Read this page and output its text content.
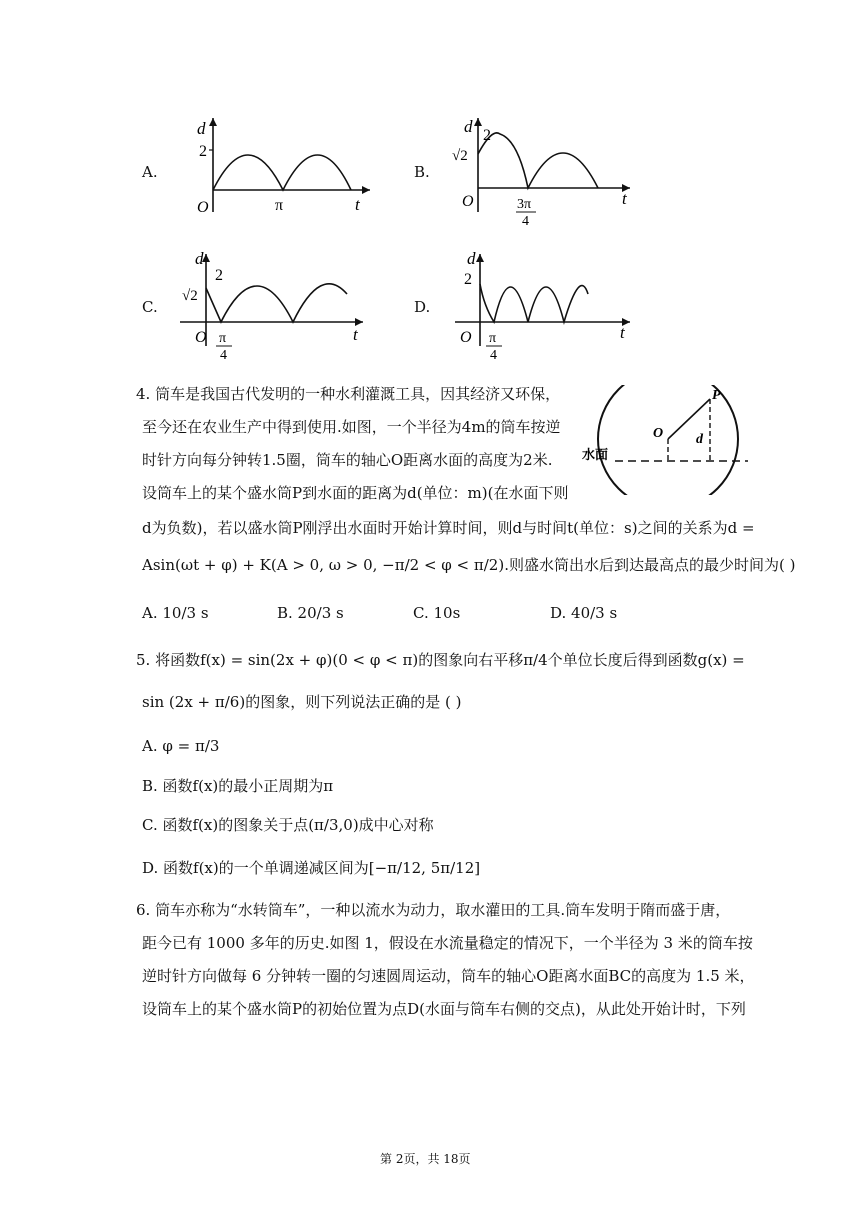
A.
d
2
O	π	t
B.
d 2
√2
O	3π
4
t
C.
d
2
√2
O π
4
t
D.
d
2
O π
4
t
4. 筒车是我国古代发明的一种水利灌溉工具，因其经济又环保，
至今还在农业生产中得到使用.如图，一个半径为4m的筒车按逆
时针方向每分钟转1.5圈，筒车的轴心O距离水面的高度为2米.
设筒车上的某个盛水筒P到水面的距离为d(单位：m)(在水面下则
d为负数)，若以盛水筒P刚浮出水面时开始计算时间，则d与时间t(单位：s)之间的关系为d =
Asin(ωt + φ) + K(A > 0, ω > 0, −π/2 < φ < π/2).则盛水筒出水后到达最高点的最少时间为( )
O
P
d
水面
A. 10/3 s	B. 20/3 s	C. 10s	D. 40/3 s
5. 将函数f(x) = sin(2x + φ)(0 < φ < π)的图象向右平移π/4个单位长度后得到函数g(x) =
sin (2x + π/6)的图象，则下列说法正确的是 ( )
A. φ = π/3
B. 函数f(x)的最小正周期为π
C. 函数f(x)的图象关于点(π/3,0)成中心对称
D. 函数f(x)的一个单调递减区间为[−π/12, 5π/12]
6. 筒车亦称为“水转筒车”，一种以流水为动力，取水灌田的工具.筒车发明于隋而盛于唐，
距今已有 1000 多年的历史.如图 1，假设在水流量稳定的情况下，一个半径为 3 米的筒车按
逆时针方向做每 6 分钟转一圈的匀速圆周运动，筒车的轴心O距离水面BC的高度为 1.5 米，
设筒车上的某个盛水筒P的初始位置为点D(水面与筒车右侧的交点)，从此处开始计时，下列
第 2页，共 18页
